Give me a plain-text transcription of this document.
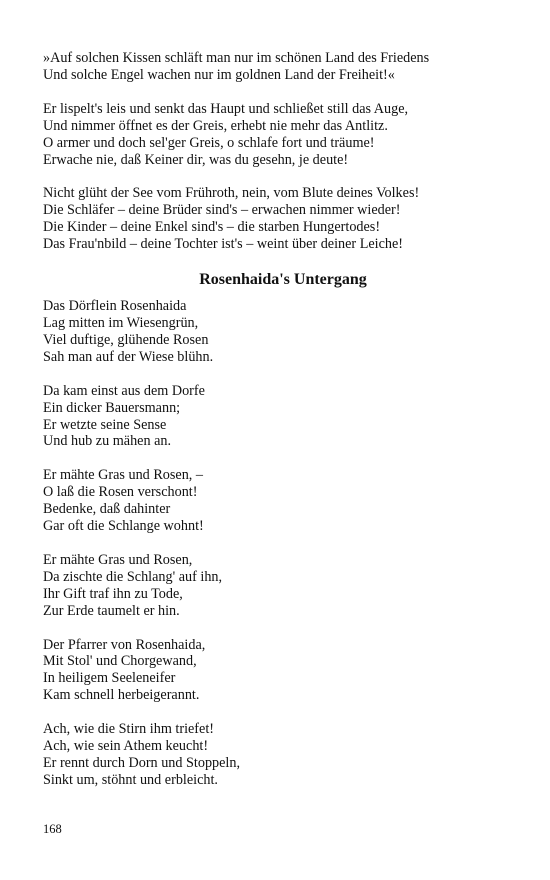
»Auf solchen Kissen schläft man nur im schönen Land des Friedens
Und solche Engel wachen nur im goldnen Land der Freiheit!«
Er lispelt's leis und senkt das Haupt und schließet still das Auge,
Und nimmer öffnet es der Greis, erhebt nie mehr das Antlitz.
O armer und doch sel'ger Greis, o schlafe fort und träume!
Erwache nie, daß Keiner dir, was du gesehn, je deute!
Nicht glüht der See vom Frühroth, nein, vom Blute deines Volkes!
Die Schläfer – deine Brüder sind's – erwachen nimmer wieder!
Die Kinder – deine Enkel sind's – die starben Hungertodes!
Das Frau'nbild – deine Tochter ist's – weint über deiner Leiche!
Rosenhaida's Untergang
Das Dörflein Rosenhaida
Lag mitten im Wiesengrün,
Viel duftige, glühende Rosen
Sah man auf der Wiese blühn.
Da kam einst aus dem Dorfe
Ein dicker Bauersmann;
Er wetzte seine Sense
Und hub zu mähen an.
Er mähte Gras und Rosen, –
O laß die Rosen verschont!
Bedenke, daß dahinter
Gar oft die Schlange wohnt!
Er mähte Gras und Rosen,
Da zischte die Schlang' auf ihn,
Ihr Gift traf ihn zu Tode,
Zur Erde taumelt er hin.
Der Pfarrer von Rosenhaida,
Mit Stol' und Chorgewand,
In heiligem Seeleneifer
Kam schnell herbeigerannt.
Ach, wie die Stirn ihm triefet!
Ach, wie sein Athem keucht!
Er rennt durch Dorn und Stoppeln,
Sinkt um, stöhnt und erbleicht.
168
